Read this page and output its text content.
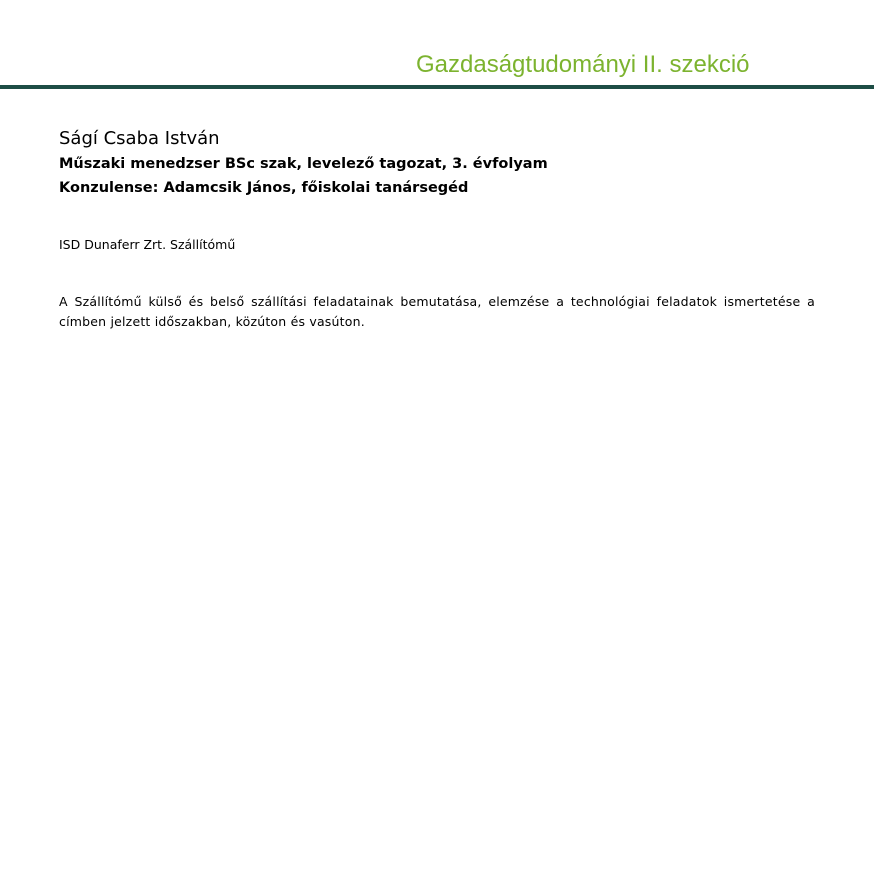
Gazdaságtudományi II. szekció
Ságí Csaba István
Műszaki menedzser BSc szak, levelező tagozat, 3. évfolyam
Konzulense: Adamcsik János, főiskolai tanársegéd
ISD Dunaferr Zrt. Szállítómű

A Szállítómű külső és belső szállítási feladatainak bemutatása, elemzése a technológiai feladatok ismertetése a címben jelzett időszakban, közúton és vasúton.
